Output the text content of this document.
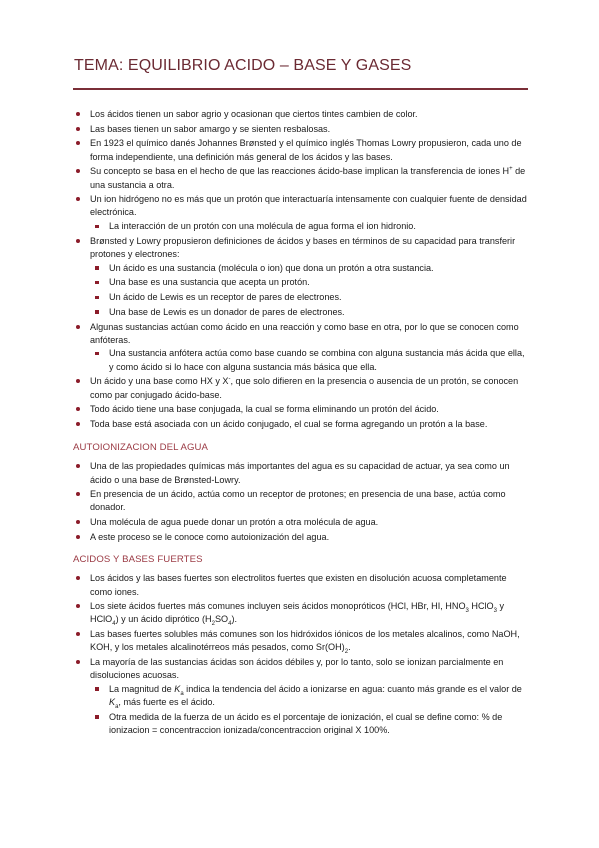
TEMA: EQUILIBRIO ACIDO – BASE Y GASES
Los ácidos tienen un sabor agrio y ocasionan que ciertos tintes cambien de color.
Las bases tienen un sabor amargo y se sienten resbalosas.
En 1923 el químico danés Johannes Brønsted y el químico inglés Thomas Lowry propusieron, cada uno de forma independiente, una definición más general de los ácidos y las bases.
Su concepto se basa en el hecho de que las reacciones ácido-base implican la transferencia de iones H+ de una sustancia a otra.
Un ion hidrógeno no es más que un protón que interactuaría intensamente con cualquier fuente de densidad electrónica.
La interacción de un protón con una molécula de agua forma el ion hidronio.
Brønsted y Lowry propusieron definiciones de ácidos y bases en términos de su capacidad para transferir protones y electrones:
Un ácido es una sustancia (molécula o ion) que dona un protón a otra sustancia.
Una base es una sustancia que acepta un protón.
Un ácido de Lewis es un receptor de pares de electrones.
Una base de Lewis es un donador de pares de electrones.
Algunas sustancias actúan como ácido en una reacción y como base en otra, por lo que se conocen como anfóteras.
Una sustancia anfótera actúa como base cuando se combina con alguna sustancia más ácida que ella, y como ácido si lo hace con alguna sustancia más básica que ella.
Un ácido y una base como HX y X-, que solo difieren en la presencia o ausencia de un protón, se conocen como par conjugado ácido-base.
Todo ácido tiene una base conjugada, la cual se forma eliminando un protón del ácido.
Toda base está asociada con un ácido conjugado, el cual se forma agregando un protón a la base.
AUTOIONIZACION DEL AGUA
Una de las propiedades químicas más importantes del agua es su capacidad de actuar, ya sea como un ácido o una base de Brønsted-Lowry.
En presencia de un ácido, actúa como un receptor de protones; en presencia de una base, actúa como donador.
Una molécula de agua puede donar un protón a otra molécula de agua.
A este proceso se le conoce como autoionización del agua.
ACIDOS Y BASES FUERTES
Los ácidos y las bases fuertes son electrolitos fuertes que existen en disolución acuosa completamente como iones.
Los siete ácidos fuertes más comunes incluyen seis ácidos monopróticos (HCl, HBr, HI, $HNO_3$ HClO$_3$ y HClO$_4$) y un ácido diprótico $(H_2SO_4)$.
Las bases fuertes solubles más comunes son los hidróxidos iónicos de los metales alcalinos, como NaOH, KOH, y los metales alcalinotérreos más pesados, como $Sr(OH)_2$.
La mayoría de las sustancias ácidas son ácidos débiles y, por lo tanto, solo se ionizan parcialmente en disoluciones acuosas.
La magnitud de $K_a$ indica la tendencia del ácido a ionizarse en agua: cuanto más grande es el valor de $K_a$, más fuerte es el ácido.
Otra medida de la fuerza de un ácido es el porcentaje de ionización, el cual se define como: % de ionizacion = concentraccion ionizada/concentraccion original X 100%.
